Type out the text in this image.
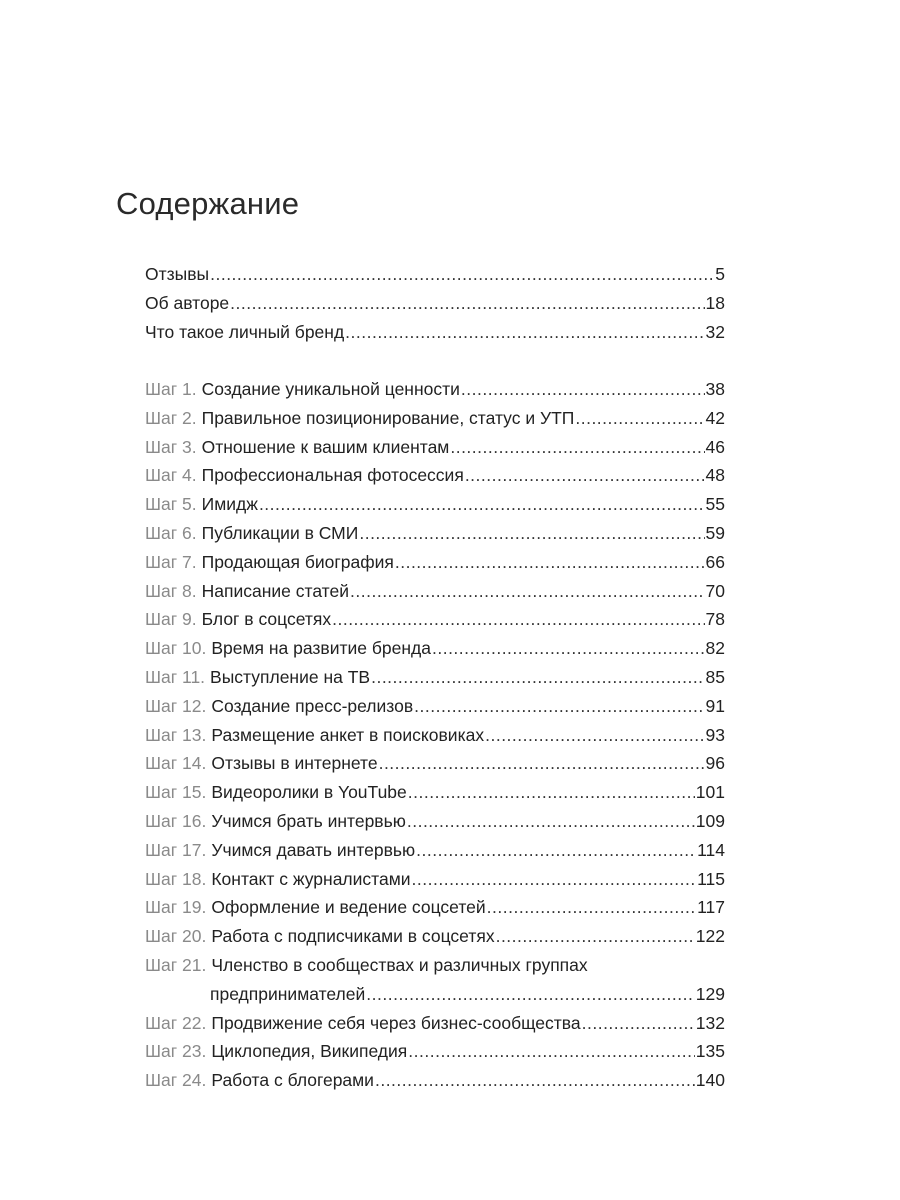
Содержание
Отзывы .....	5
Об авторе .....	18
Что такое личный бренд .....	32
Шаг 1. Создание уникальной ценности .....	38
Шаг 2. Правильное позиционирование, статус и УТП .....	42
Шаг 3. Отношение к вашим клиентам .....	46
Шаг 4. Профессиональная фотосессия .....	48
Шаг 5. Имидж .....	55
Шаг 6. Публикации в СМИ .....	59
Шаг 7. Продающая биография .....	66
Шаг 8. Написание статей .....	70
Шаг 9. Блог в соцсетях .....	78
Шаг 10. Время на развитие бренда .....	82
Шаг 11. Выступление на ТВ .....	85
Шаг 12. Создание пресс-релизов .....	91
Шаг 13. Размещение анкет в поисковиках .....	93
Шаг 14. Отзывы в интернете .....	96
Шаг 15. Видеоролики в YouTube .....	101
Шаг 16. Учимся брать интервью .....	109
Шаг 17. Учимся давать интервью .....	114
Шаг 18. Контакт с журналистами .....	115
Шаг 19. Оформление и ведение соцсетей .....	117
Шаг 20. Работа с подписчиками в соцсетях .....	122
Шаг 21. Членство в сообществах и различных группах
предпринимателей .....	129
Шаг 22. Продвижение себя через бизнес-сообщества .....	132
Шаг 23. Циклопедия, Википедия .....	135
Шаг 24. Работа с блогерами .....	140
